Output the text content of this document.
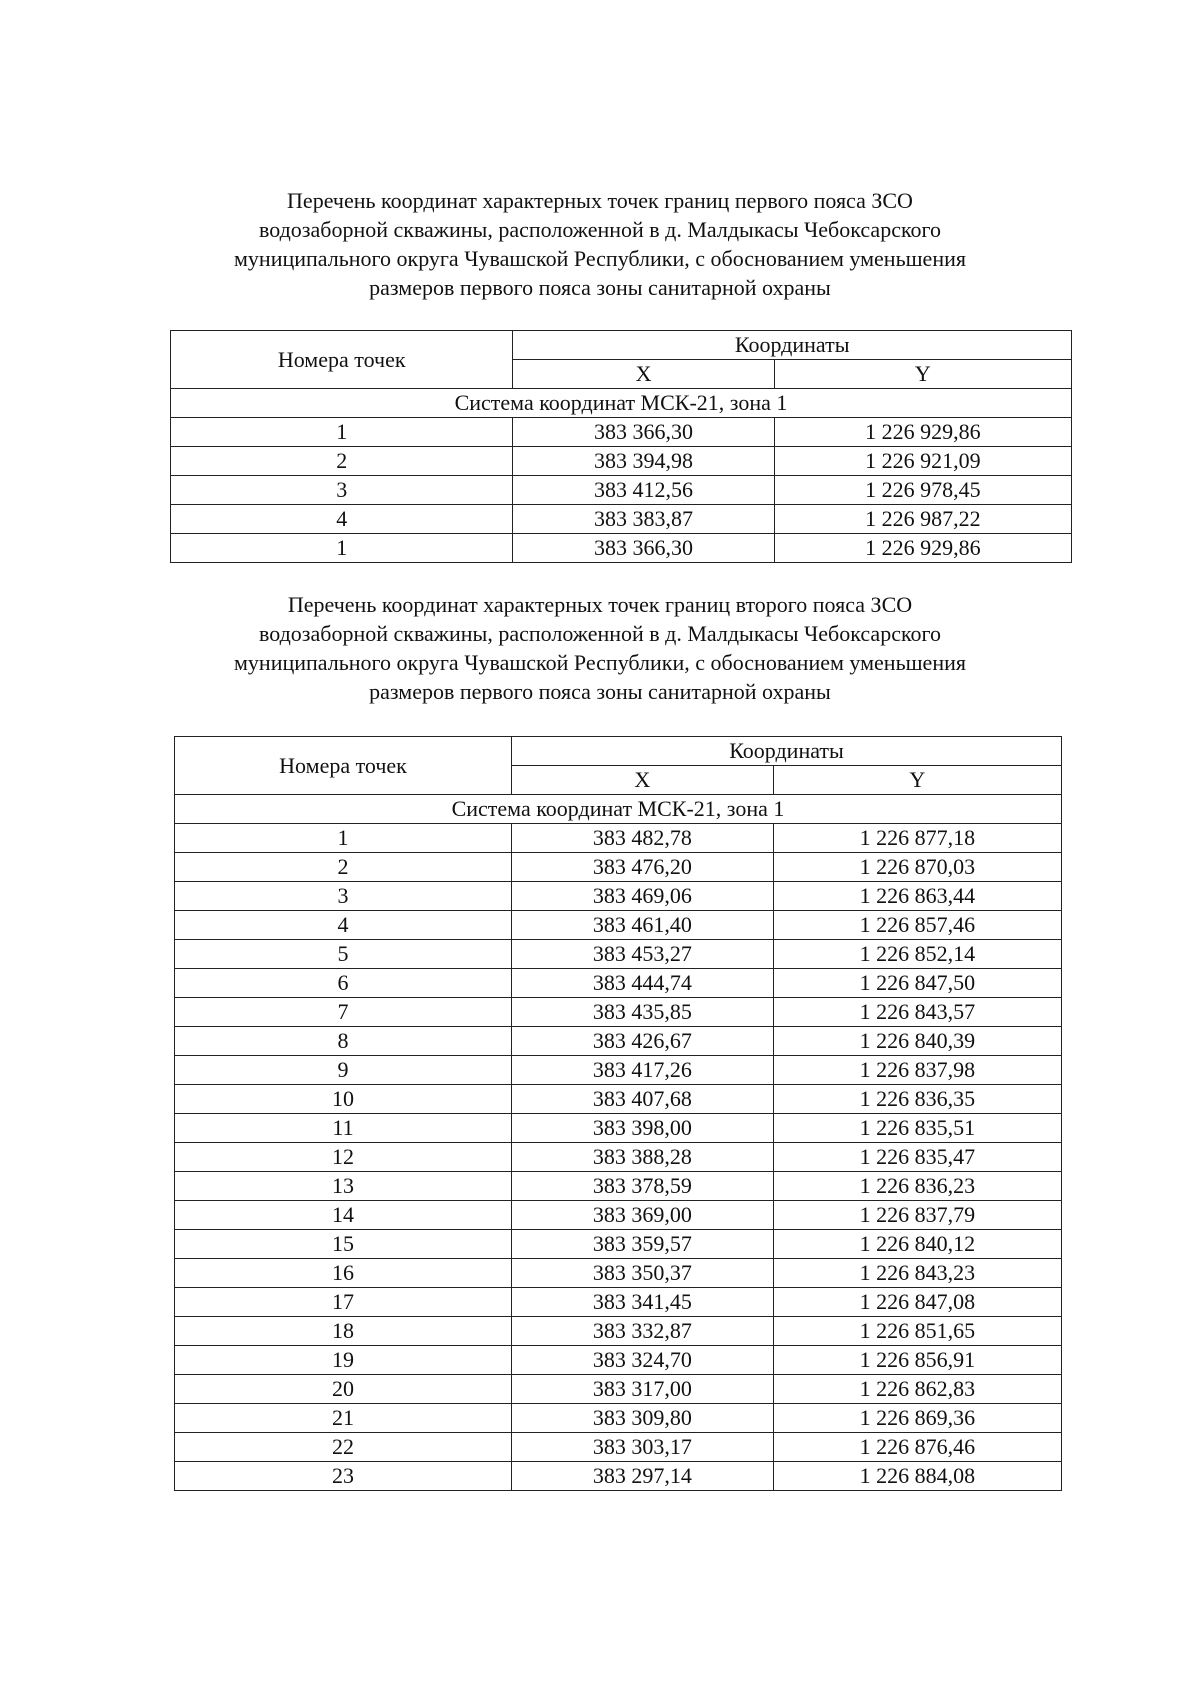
Перечень координат характерных точек границ первого пояса ЗСО
водозаборной скважины, расположенной в д. Малдыкасы Чебоксарского
муниципального округа Чувашской Республики, с обоснованием уменьшения
размеров первого пояса зоны санитарной охраны
Номера точек	Координаты	
	X	Y
Система координат МСК-21, зона 1		
1	383 366,30	1 226 929,86
2	383 394,98	1 226 921,09
3	383 412,56	1 226 978,45
4	383 383,87	1 226 987,22
1	383 366,30	1 226 929,86
Перечень координат характерных точек границ второго пояса ЗСО
водозаборной скважины, расположенной в д. Малдыкасы Чебоксарского
муниципального округа Чувашской Республики, с обоснованием уменьшения
размеров первого пояса зоны санитарной охраны
Номера точек	Координаты	
	X	Y
Система координат МСК-21, зона 1		
1	383 482,78	1 226 877,18
2	383 476,20	1 226 870,03
3	383 469,06	1 226 863,44
4	383 461,40	1 226 857,46
5	383 453,27	1 226 852,14
6	383 444,74	1 226 847,50
7	383 435,85	1 226 843,57
8	383 426,67	1 226 840,39
9	383 417,26	1 226 837,98
10	383 407,68	1 226 836,35
11	383 398,00	1 226 835,51
12	383 388,28	1 226 835,47
13	383 378,59	1 226 836,23
14	383 369,00	1 226 837,79
15	383 359,57	1 226 840,12
16	383 350,37	1 226 843,23
17	383 341,45	1 226 847,08
18	383 332,87	1 226 851,65
19	383 324,70	1 226 856,91
20	383 317,00	1 226 862,83
21	383 309,80	1 226 869,36
22	383 303,17	1 226 876,46
23	383 297,14	1 226 884,08
